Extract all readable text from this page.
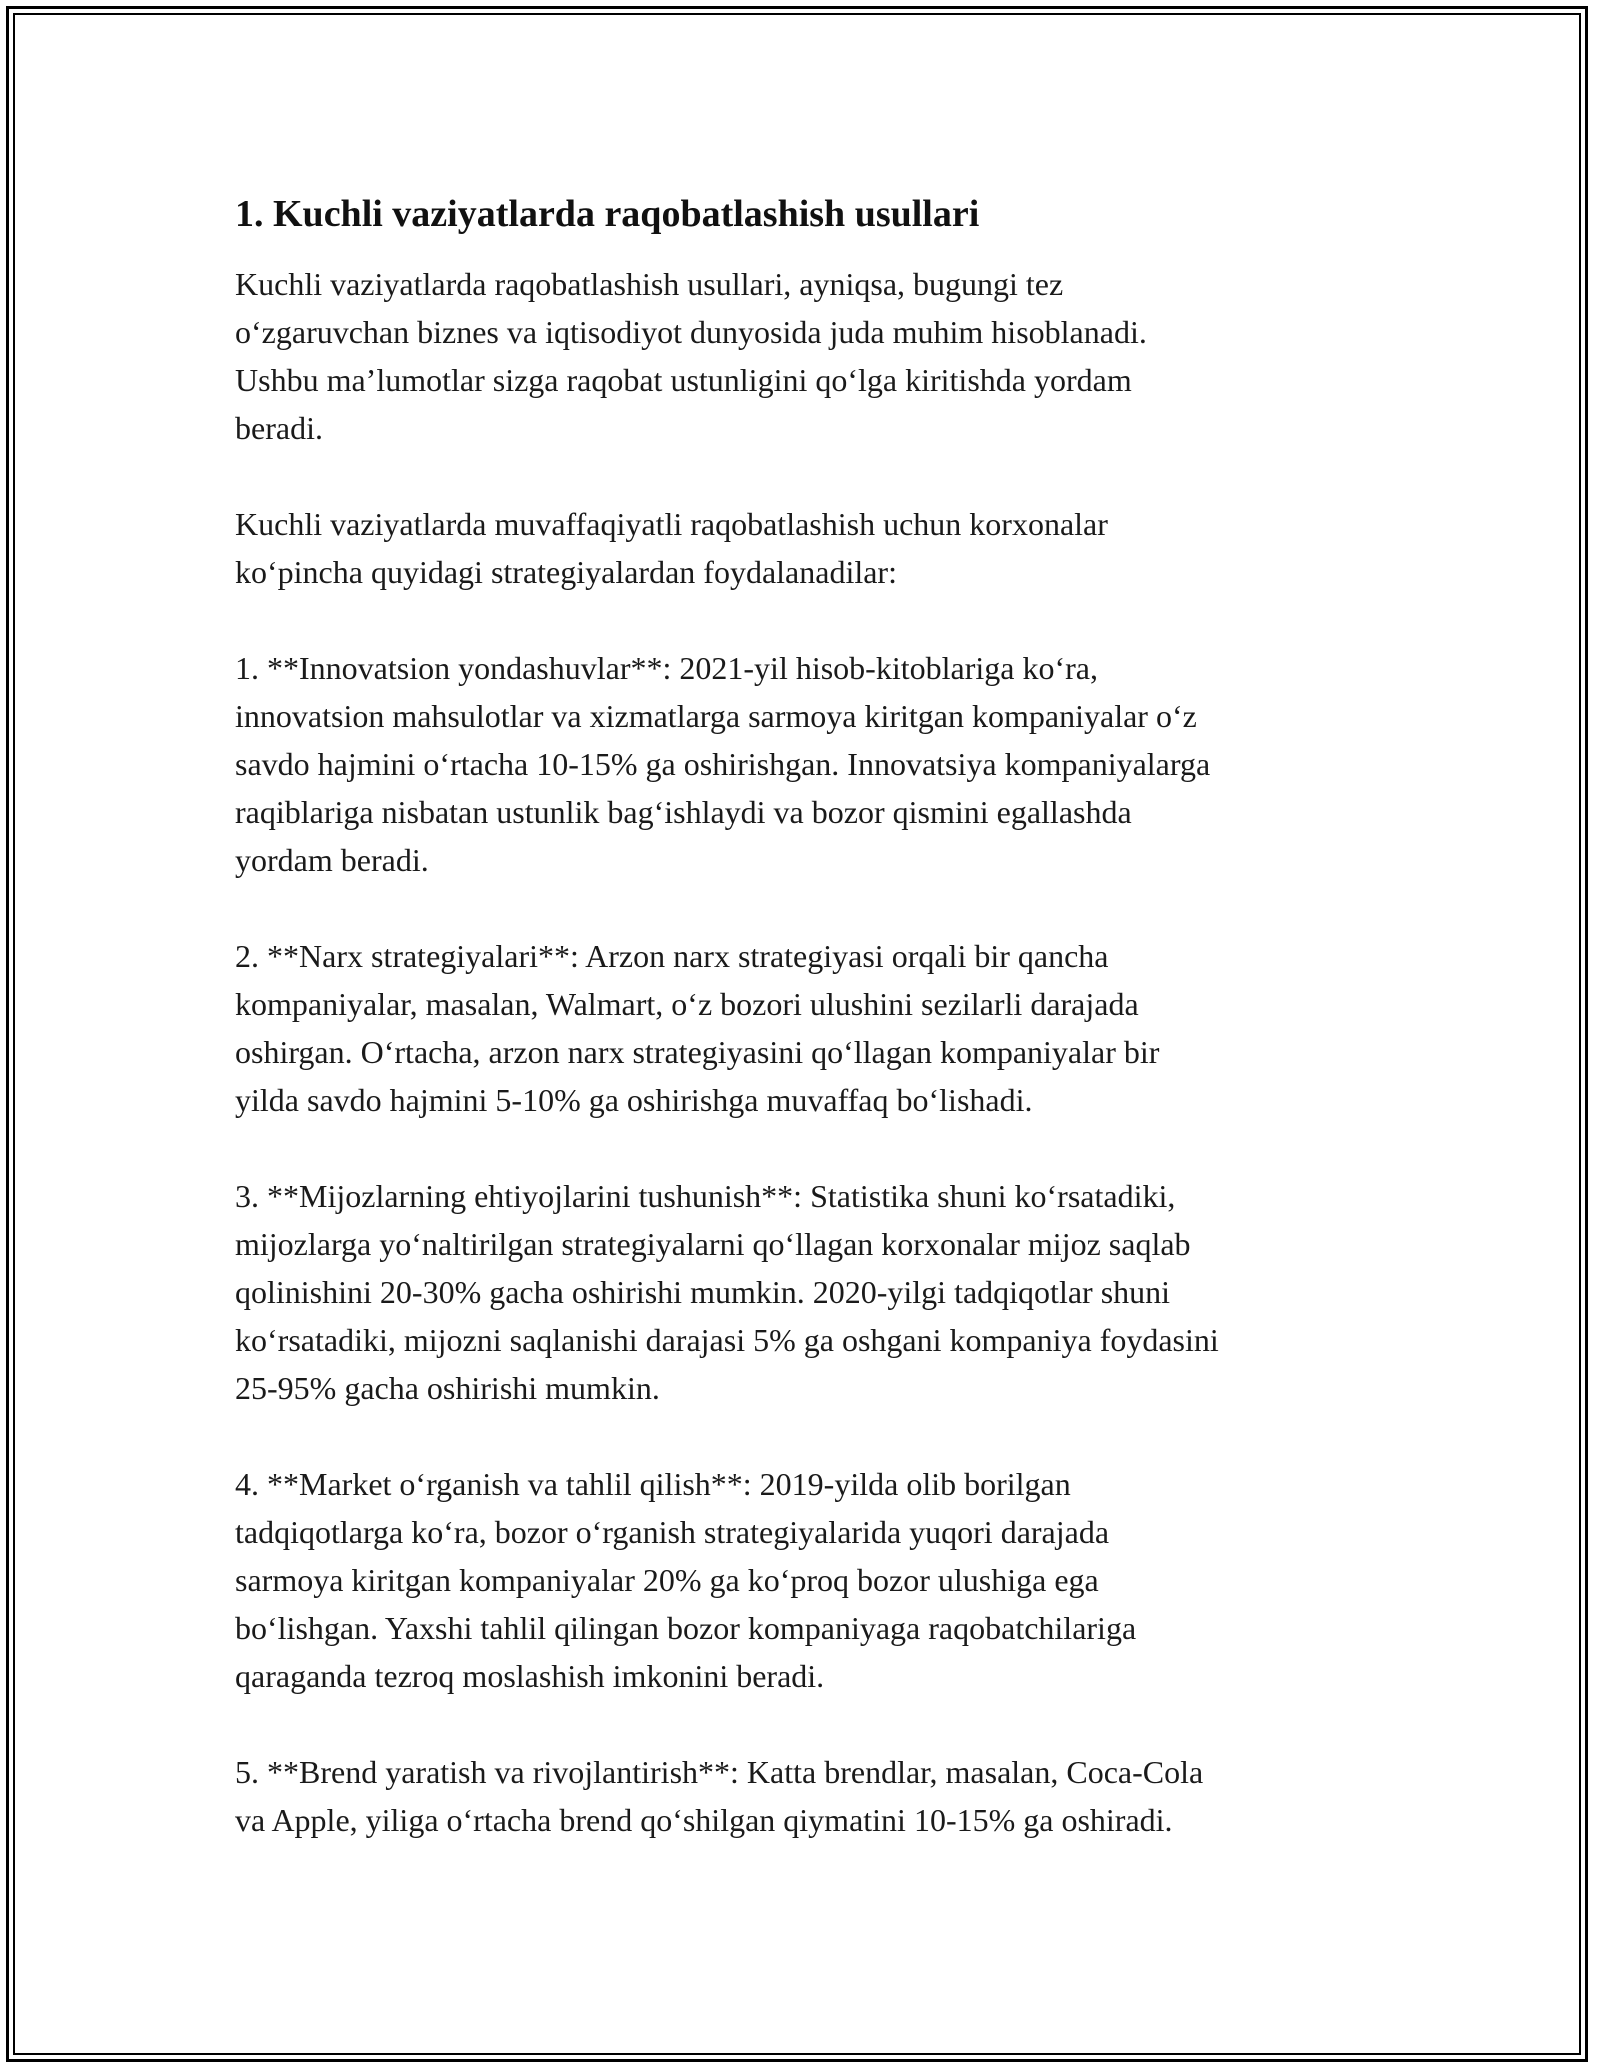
1. Kuchli vaziyatlarda raqobatlashish usullari

Kuchli vaziyatlarda raqobatlashish usullari, ayniqsa, bugungi tez
o‘zgaruvchan biznes va iqtisodiyot dunyosida juda muhim hisoblanadi.
Ushbu ma’lumotlar sizga raqobat ustunligini qo‘lga kiritishda yordam
beradi.

Kuchli vaziyatlarda muvaffaqiyatli raqobatlashish uchun korxonalar
ko‘pincha quyidagi strategiyalardan foydalanadilar:

1. **Innovatsion yondashuvlar**: 2021-yil hisob-kitoblariga ko‘ra,
innovatsion mahsulotlar va xizmatlarga sarmoya kiritgan kompaniyalar o‘z
savdo hajmini o‘rtacha 10-15% ga oshirishgan. Innovatsiya kompaniyalarga
raqiblariga nisbatan ustunlik bag‘ishlaydi va bozor qismini egallashda
yordam beradi.

2. **Narx strategiyalari**: Arzon narx strategiyasi orqali bir qancha
kompaniyalar, masalan, Walmart, o‘z bozori ulushini sezilarli darajada
oshirgan. O‘rtacha, arzon narx strategiyasini qo‘llagan kompaniyalar bir
yilda savdo hajmini 5-10% ga oshirishga muvaffaq bo‘lishadi.

3. **Mijozlarning ehtiyojlarini tushunish**: Statistika shuni ko‘rsatadiki,
mijozlarga yo‘naltirilgan strategiyalarni qo‘llagan korxonalar mijoz saqlab
qolinishini 20-30% gacha oshirishi mumkin. 2020-yilgi tadqiqotlar shuni
ko‘rsatadiki, mijozni saqlanishi darajasi 5% ga oshgani kompaniya foydasini
25-95% gacha oshirishi mumkin.

4. **Market o‘rganish va tahlil qilish**: 2019-yilda olib borilgan
tadqiqotlarga ko‘ra, bozor o‘rganish strategiyalarida yuqori darajada
sarmoya kiritgan kompaniyalar 20% ga ko‘proq bozor ulushiga ega
bo‘lishgan. Yaxshi tahlil qilingan bozor kompaniyaga raqobatchilariga
qaraganda tezroq moslashish imkonini beradi.

5. **Brend yaratish va rivojlantirish**: Katta brendlar, masalan, Coca-Cola
va Apple, yiliga o‘rtacha brend qo‘shilgan qiymatini 10-15% ga oshiradi.
